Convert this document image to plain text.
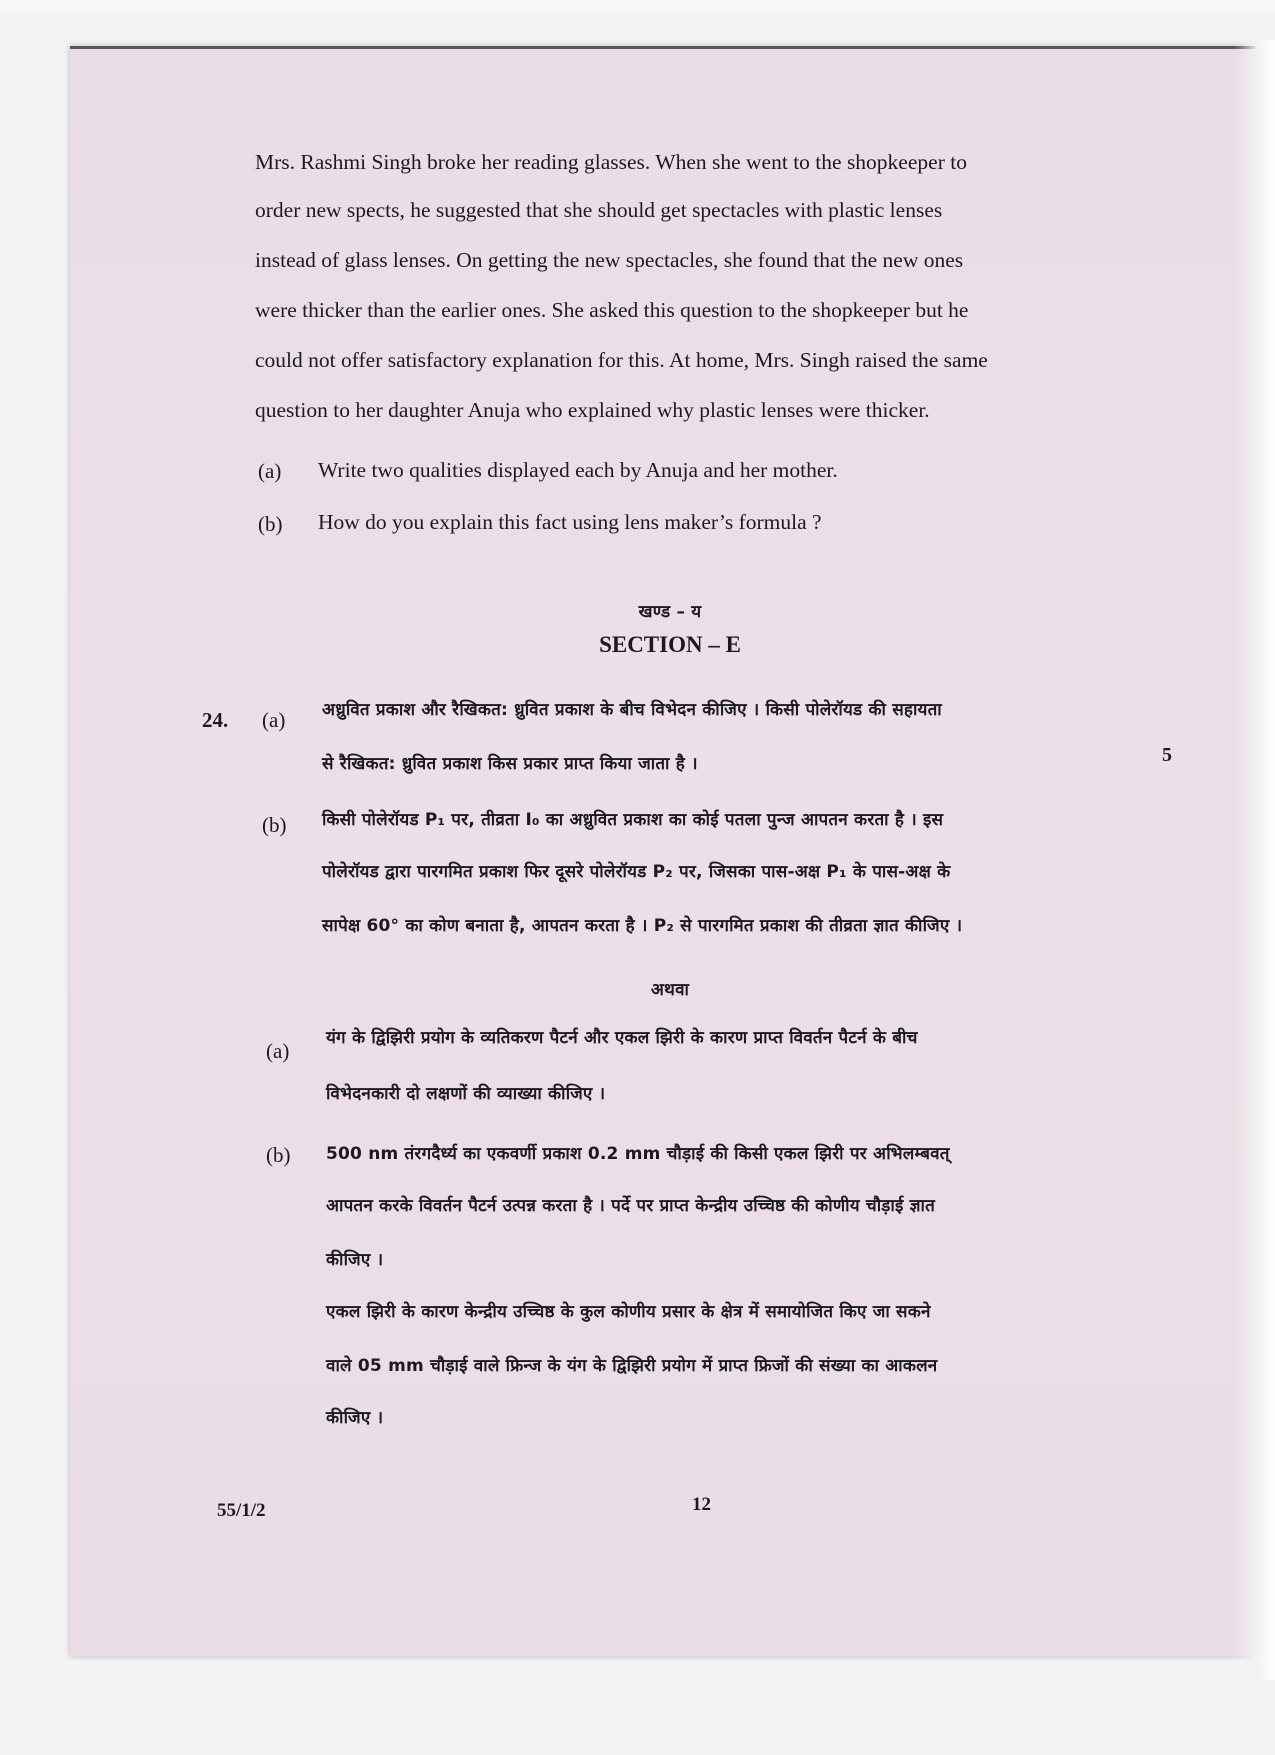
Mrs. Rashmi Singh broke her reading glasses. When she went to the shopkeeper to
order new spects, he suggested that she should get spectacles with plastic lenses
instead of glass lenses. On getting the new spectacles, she found that the new ones
were thicker than the earlier ones. She asked this question to the shopkeeper but he
could not offer satisfactory explanation for this. At home, Mrs. Singh raised the same
question to her daughter Anuja who explained why plastic lenses were thicker.
(a) Write two qualities displayed each by Anuja and her mother.
(b) How do you explain this fact using lens maker’s formula ?
खण्ड – य
SECTION – E
24. (a) अध्रुवित प्रकाश और रैखिकत: ध्रुवित प्रकाश के बीच विभेदन कीजिए । किसी पोलेरॉयड की सहायता
से रैखिकत: ध्रुवित प्रकाश किस प्रकार प्राप्त किया जाता है ।	5
(b) किसी पोलेरॉयड P₁ पर, तीव्रता I₀ का अध्रुवित प्रकाश का कोई पतला पुन्ज आपतन करता है । इस
पोलेरॉयड द्वारा पारगमित प्रकाश फिर दूसरे पोलेरॉयड P₂ पर, जिसका पास-अक्ष P₁ के पास-अक्ष के
सापेक्ष 60° का कोण बनाता है, आपतन करता है । P₂ से पारगमित प्रकाश की तीव्रता ज्ञात कीजिए ।
अथवा
(a)
यंग के द्विझिरी प्रयोग के व्यतिकरण पैटर्न और एकल झिरी के कारण प्राप्त विवर्तन पैटर्न के बीच
विभेदनकारी दो लक्षणों की व्याख्या कीजिए ।
(b) 500 nm तंरगदैर्ध्य का एकवर्णी प्रकाश 0.2 mm चौड़ाई की किसी एकल झिरी पर अभिलम्बवत्
आपतन करके विवर्तन पैटर्न उत्पन्न करता है । पर्दे पर प्राप्त केन्द्रीय उच्चिष्ठ की कोणीय चौड़ाई ज्ञात
कीजिए ।
एकल झिरी के कारण केन्द्रीय उच्चिष्ठ के कुल कोणीय प्रसार के क्षेत्र में समायोजित किए जा सकने
वाले 05 mm चौड़ाई वाले फ्रिन्ज के यंग के द्विझिरी प्रयोग में प्राप्त फ्रिजों की संख्या का आकलन
कीजिए ।
55/1/2	12
